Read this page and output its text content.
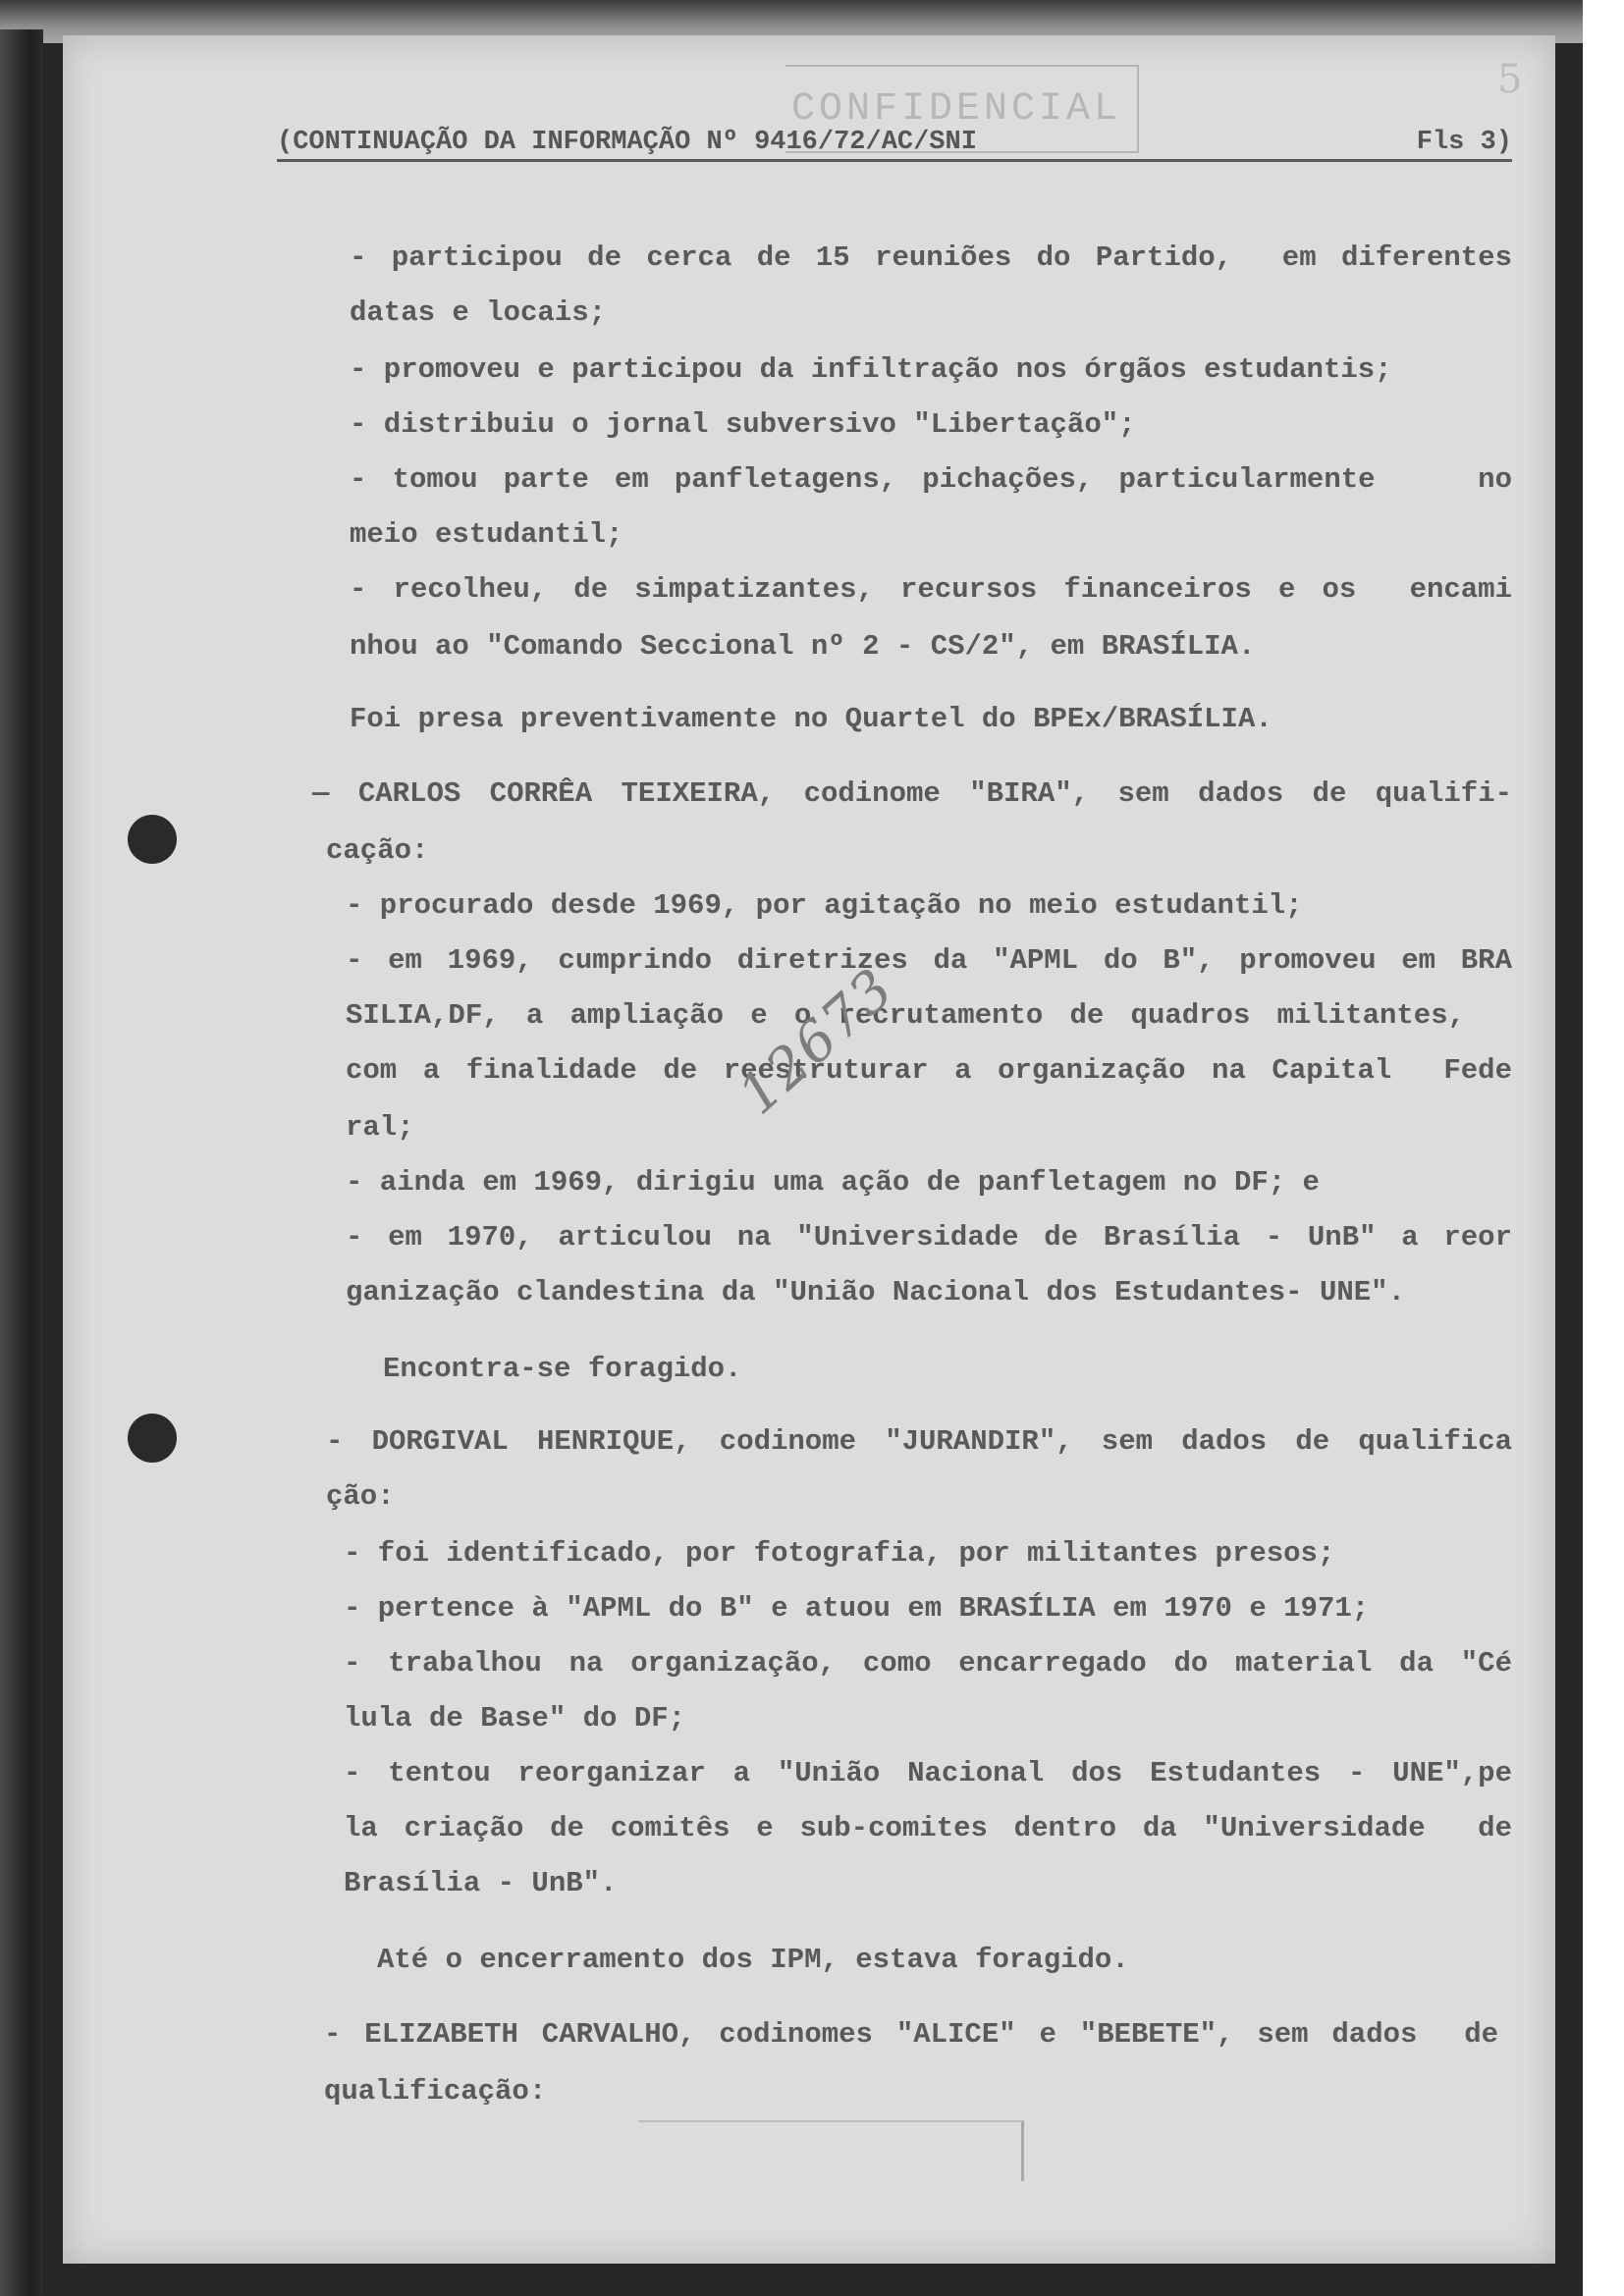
CONFIDENCIAL
5
(CONTINUAÇÃO DA INFORMAÇÃO Nº 9416/72/AC/SNI	Fls 3)
- participou de cerca de 15 reuniões do Partido,  em diferentes
datas e locais;
- promoveu e participou da infiltração nos órgãos estudantis;
- distribuiu o jornal subversivo "Libertação";
- tomou parte em panfletagens, pichações, particularmente    no
meio estudantil;
- recolheu, de simpatizantes, recursos financeiros e os  encami
nhou ao "Comando Seccional nº 2 - CS/2", em BRASÍLIA.
Foi presa preventivamente no Quartel do BPEx/BRASÍLIA.
— CARLOS CORRÊA TEIXEIRA, codinome "BIRA", sem dados de qualifi-
cação:
- procurado desde 1969, por agitação no meio estudantil;
- em 1969, cumprindo diretrizes da "APML do B", promoveu em BRA
SILIA,DF, a ampliação e o recrutamento de quadros militantes,
com a finalidade de reestruturar a organização na Capital  Fede
ral;
- ainda em 1969, dirigiu uma ação de panfletagem no DF; e
- em 1970, articulou na "Universidade de Brasília - UnB" a reor
ganização clandestina da "União Nacional dos Estudantes- UNE".
Encontra-se foragido.
- DORGIVAL HENRIQUE, codinome "JURANDIR", sem dados de qualifica
ção:
- foi identificado, por fotografia, por militantes presos;
- pertence à "APML do B" e atuou em BRASÍLIA em 1970 e 1971;
- trabalhou na organização, como encarregado do material da "Cé
lula de Base" do DF;
- tentou reorganizar a "União Nacional dos Estudantes - UNE",pe
la criação de comitês e sub-comites dentro da "Universidade  de
Brasília - UnB".
Até o encerramento dos IPM, estava foragido.
- ELIZABETH CARVALHO, codinomes "ALICE" e "BEBETE", sem dados  de
qualificação:
12673
